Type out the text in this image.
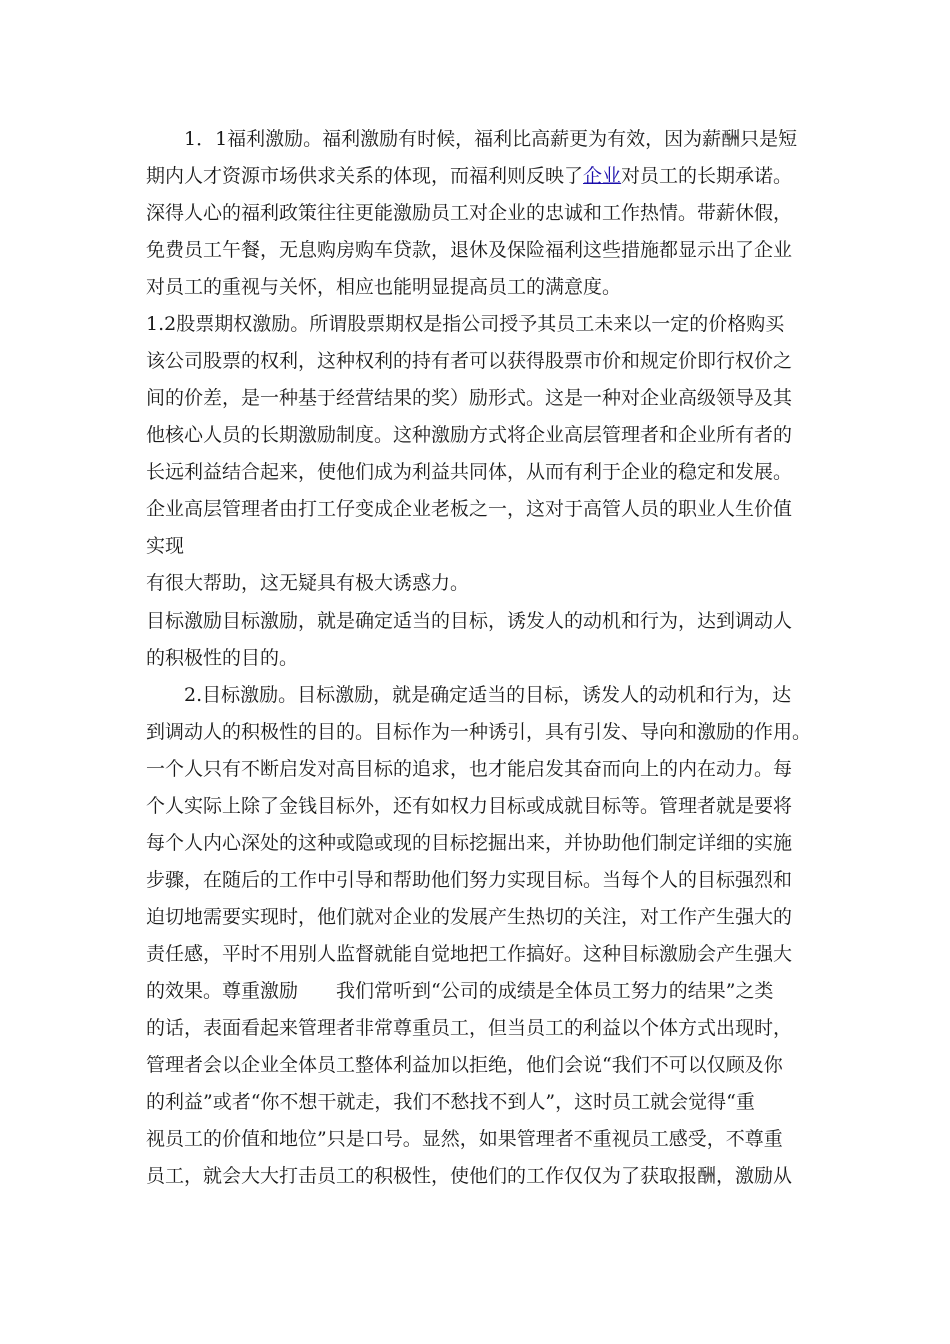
1．1福利激励。福利激励有时候，福利比高薪更为有效，因为薪酬只是短
期内人才资源市场供求关系的体现，而福利则反映了企业对员工的长期承诺。
深得人心的福利政策往往更能激励员工对企业的忠诚和工作热情。带薪休假，
免费员工午餐，无息购房购车贷款，退休及保险福利这些措施都显示出了企业
对员工的重视与关怀，相应也能明显提高员工的满意度。
1.2股票期权激励。所谓股票期权是指公司授予其员工未来以一定的价格购买
该公司股票的权利，这种权利的持有者可以获得股票市价和规定价即行权价之
间的价差，是一种基于经营结果的奖）励形式。这是一种对企业高级领导及其
他核心人员的长期激励制度。这种激励方式将企业高层管理者和企业所有者的
长远利益结合起来，使他们成为利益共同体，从而有利于企业的稳定和发展。
企业高层管理者由打工仔变成企业老板之一，这对于高管人员的职业人生价值
实现
有很大帮助，这无疑具有极大诱惑力。
目标激励目标激励，就是确定适当的目标，诱发人的动机和行为，达到调动人
的积极性的目的。
2.目标激励。目标激励，就是确定适当的目标，诱发人的动机和行为，达
到调动人的积极性的目的。目标作为一种诱引，具有引发、导向和激励的作用。
一个人只有不断启发对高目标的追求，也才能启发其奋而向上的内在动力。每
个人实际上除了金钱目标外，还有如权力目标或成就目标等。管理者就是要将
每个人内心深处的这种或隐或现的目标挖掘出来，并协助他们制定详细的实施
步骤，在随后的工作中引导和帮助他们努力实现目标。当每个人的目标强烈和
迫切地需要实现时，他们就对企业的发展产生热切的关注，对工作产生强大的
责任感，平时不用别人监督就能自觉地把工作搞好。这种目标激励会产生强大
的效果。尊重激励　　我们常听到“公司的成绩是全体员工努力的结果”之类
的话，表面看起来管理者非常尊重员工，但当员工的利益以个体方式出现时，
管理者会以企业全体员工整体利益加以拒绝，他们会说“我们不可以仅顾及你
的利益”或者“你不想干就走，我们不愁找不到人”，这时员工就会觉得“重
视员工的价值和地位”只是口号。显然，如果管理者不重视员工感受，不尊重
员工，就会大大打击员工的积极性，使他们的工作仅仅为了获取报酬，激励从
